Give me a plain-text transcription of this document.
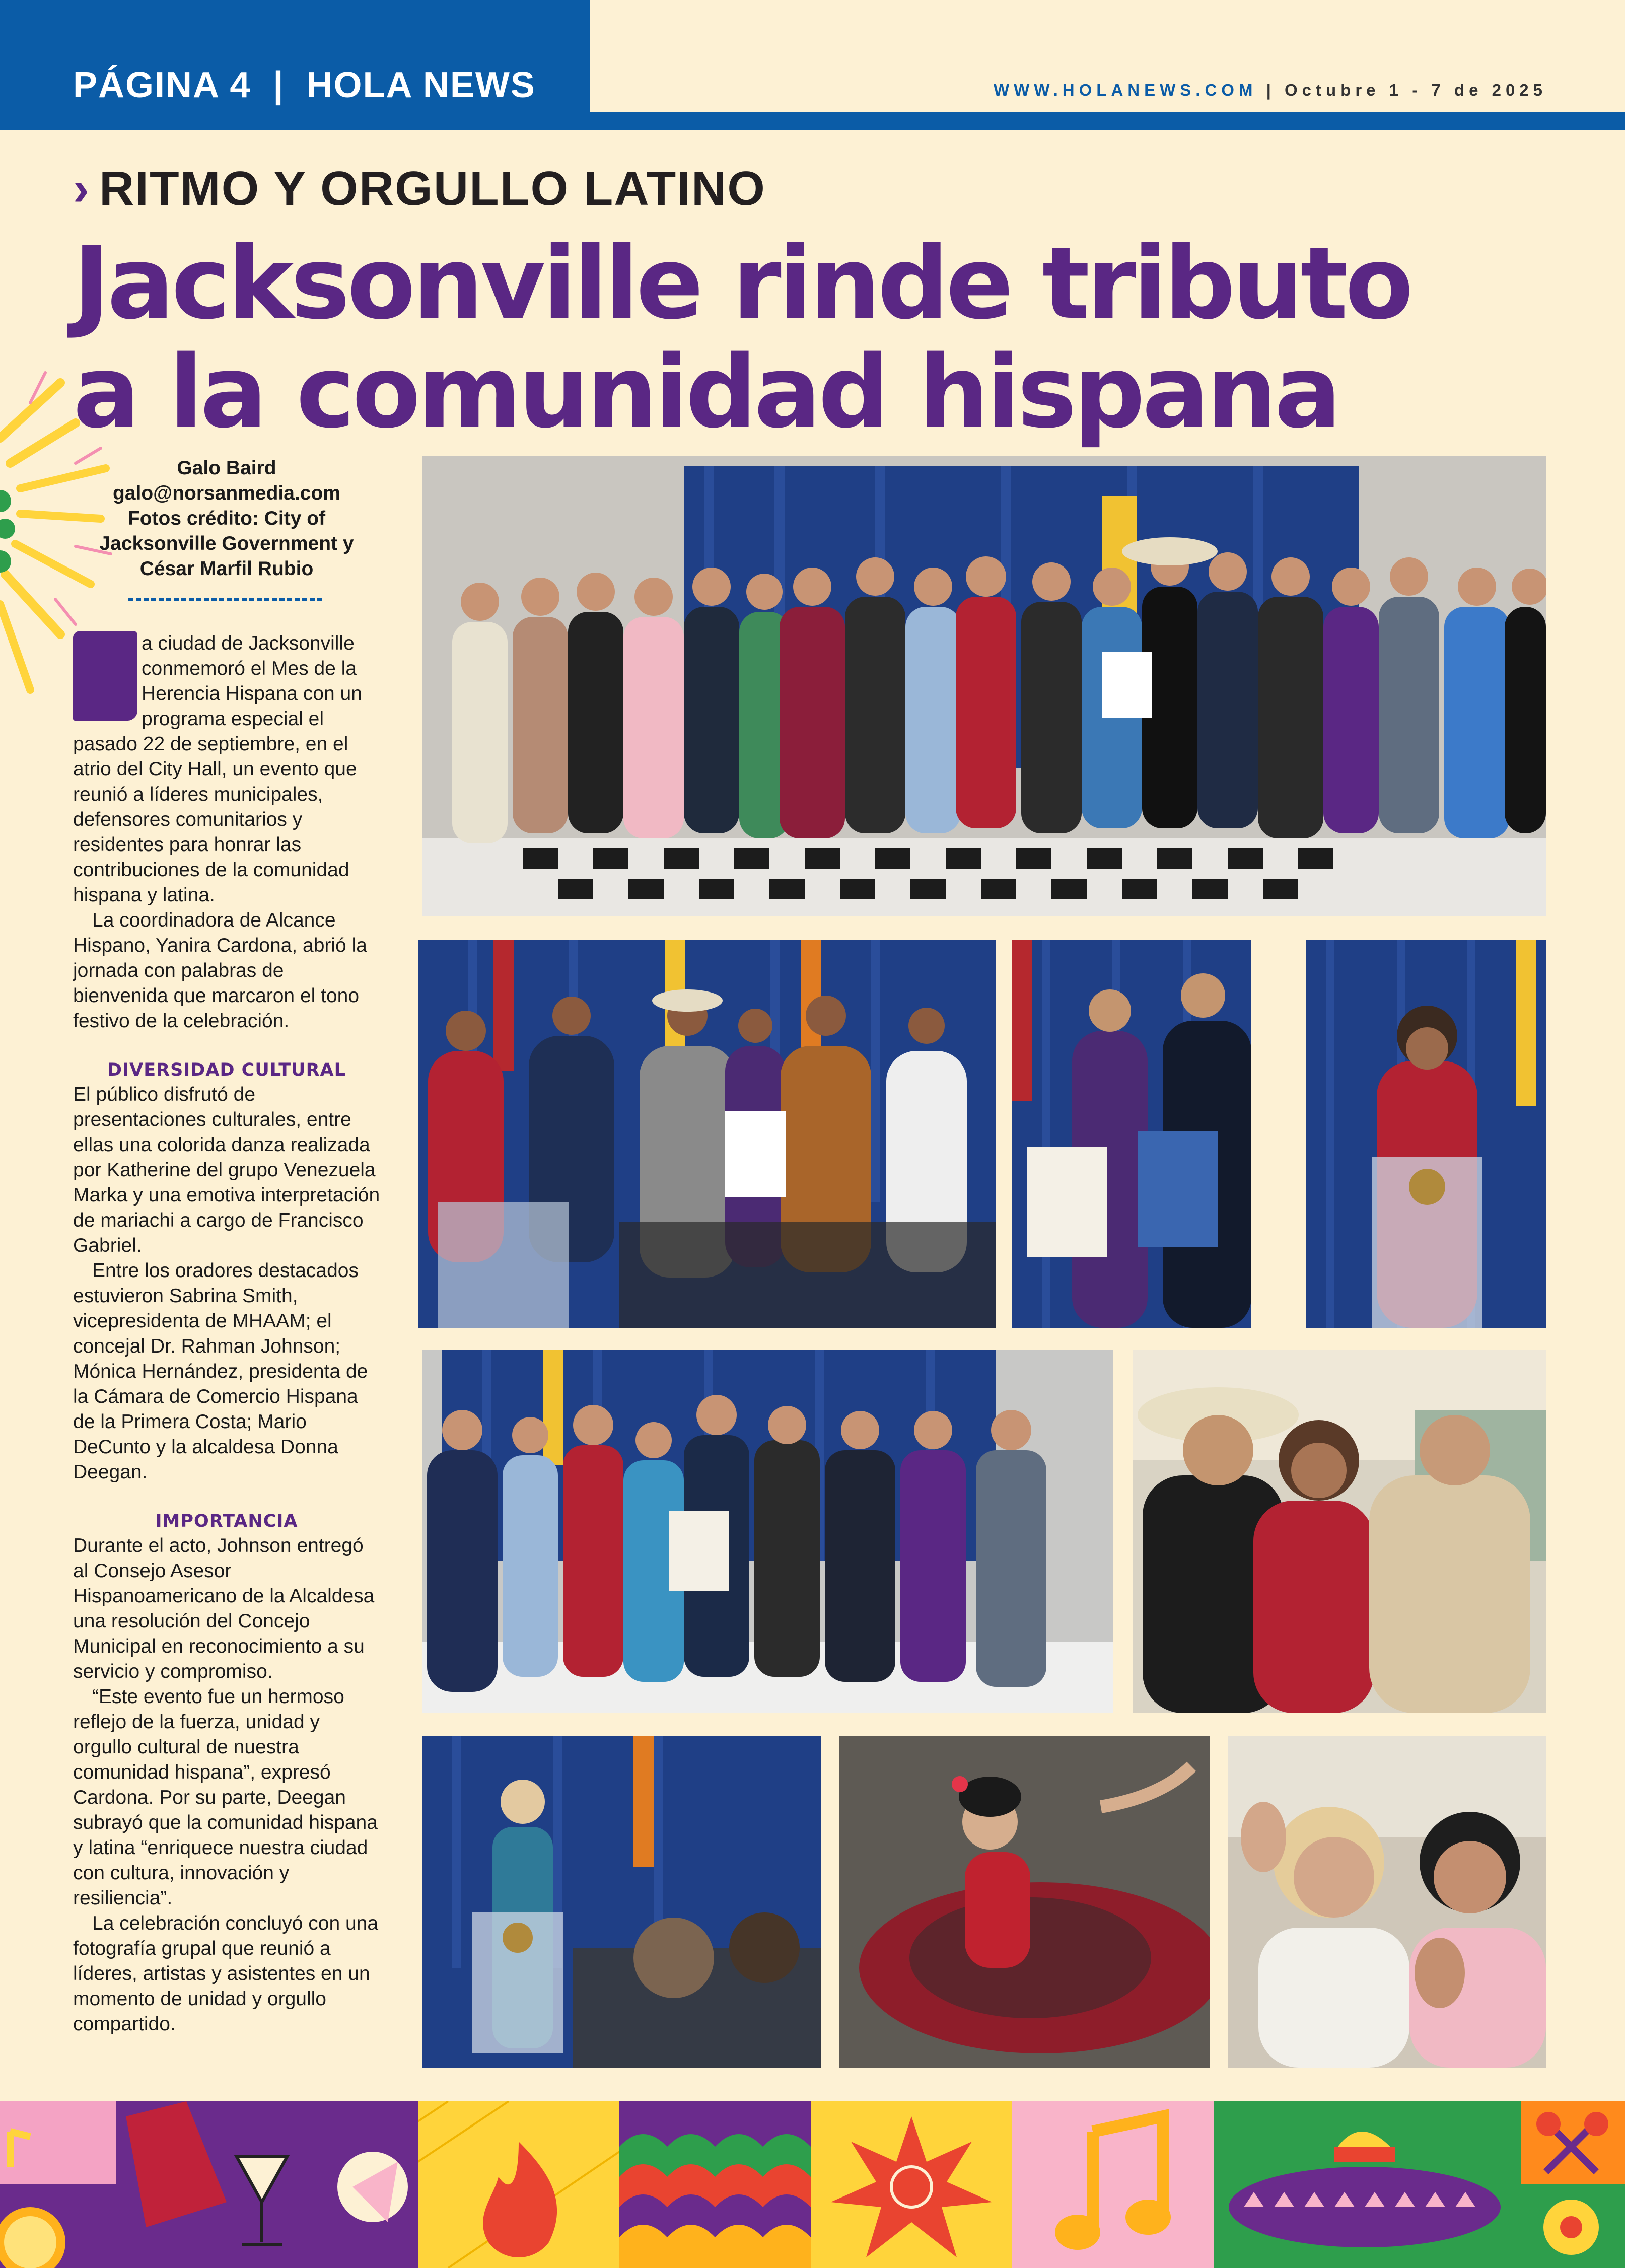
PÁGINA 4  |  HOLA NEWS	WWW.HOLANEWS.COM | Octubre 1 - 7 de 2025
› RITMO Y ORGULLO LATINO
Jacksonville rinde tributo
a la comunidad hispana
Galo Baird
galo@norsanmedia.com
Fotos crédito: City of
Jacksonville Government y
César Marfil Rubio

a ciudad de Jacksonville conmemoró el Mes de la Herencia Hispana con un programa especial el pasado 22 de septiembre, en el atrio del City Hall, un evento que reunió a líderes municipales, defensores comunitarios y residentes para honrar las contribuciones de la comunidad hispana y latina.

La coordinadora de Alcance Hispano, Yanira Cardona, abrió la jornada con palabras de bienvenida que marcaron el tono festivo de la celebración.

DIVERSIDAD CULTURAL

El público disfrutó de presentaciones culturales, entre ellas una colorida danza realizada por Katherine del grupo Venezuela Marka y una emotiva interpretación de mariachi a cargo de Francisco Gabriel.

Entre los oradores destacados estuvieron Sabrina Smith, vicepresidenta de MHAAM; el concejal Dr. Rahman Johnson; Mónica Hernández, presidenta de la Cámara de Comercio Hispana de la Primera Costa; Mario DeCunto y la alcaldesa Donna Deegan.

IMPORTANCIA

Durante el acto, Johnson entregó al Consejo Asesor Hispanoamericano de la Alcaldesa una resolución del Concejo Municipal en reconocimiento a su servicio y compromiso.

“Este evento fue un hermoso reflejo de la fuerza, unidad y orgullo cultural de nuestra comunidad hispana”, expresó Cardona. Por su parte, Deegan subrayó que la comunidad hispana y latina “enriquece nuestra ciudad con cultura, innovación y resiliencia”.

La celebración concluyó con una fotografía grupal que reunió a líderes, artistas y asistentes en un momento de unidad y orgullo compartido.
